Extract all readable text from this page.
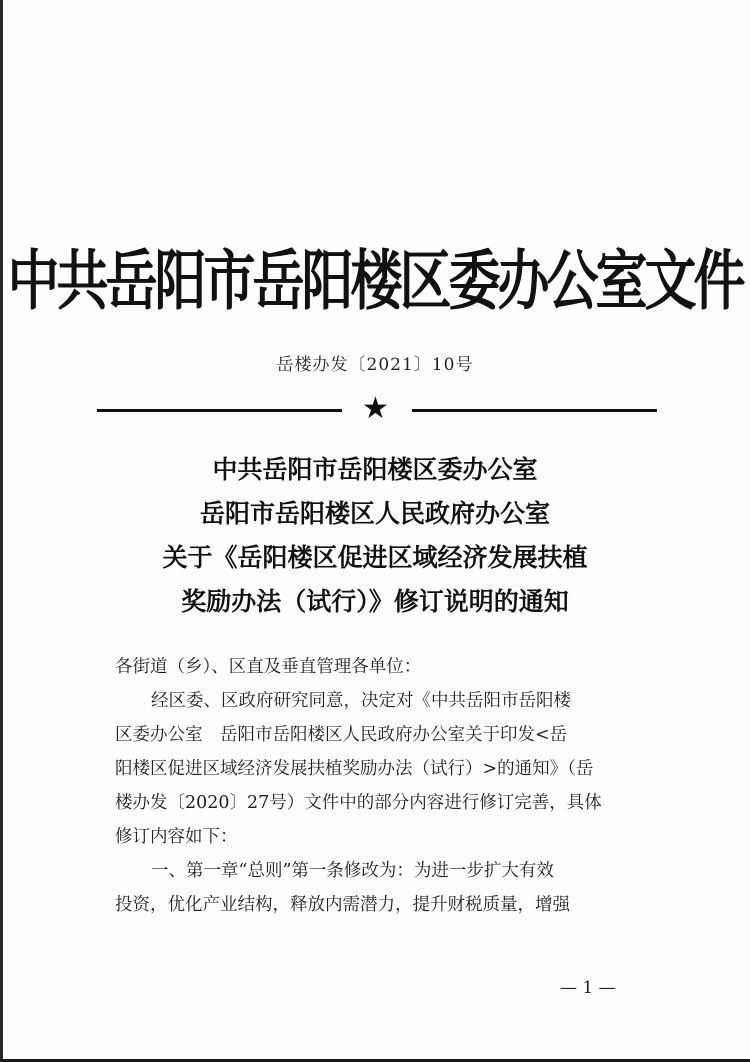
中共岳阳市岳阳楼区委办公室文件
岳楼办发〔2021〕10号
★
中共岳阳市岳阳楼区委办公室
岳阳市岳阳楼区人民政府办公室
关于《岳阳楼区促进区域经济发展扶植
奖励办法（试行）》修订说明的通知
各街道（乡）、区直及垂直管理各单位：
经区委、区政府研究同意，决定对《中共岳阳市岳阳楼
区委办公室　岳阳市岳阳楼区人民政府办公室关于印发<岳
阳楼区促进区域经济发展扶植奖励办法（试行）>的通知》（岳
楼办发〔2020〕27号）文件中的部分内容进行修订完善，具体
修订内容如下：
一、第一章“总则”第一条修改为：为进一步扩大有效
投资，优化产业结构，释放内需潜力，提升财税质量，增强
— 1 —
